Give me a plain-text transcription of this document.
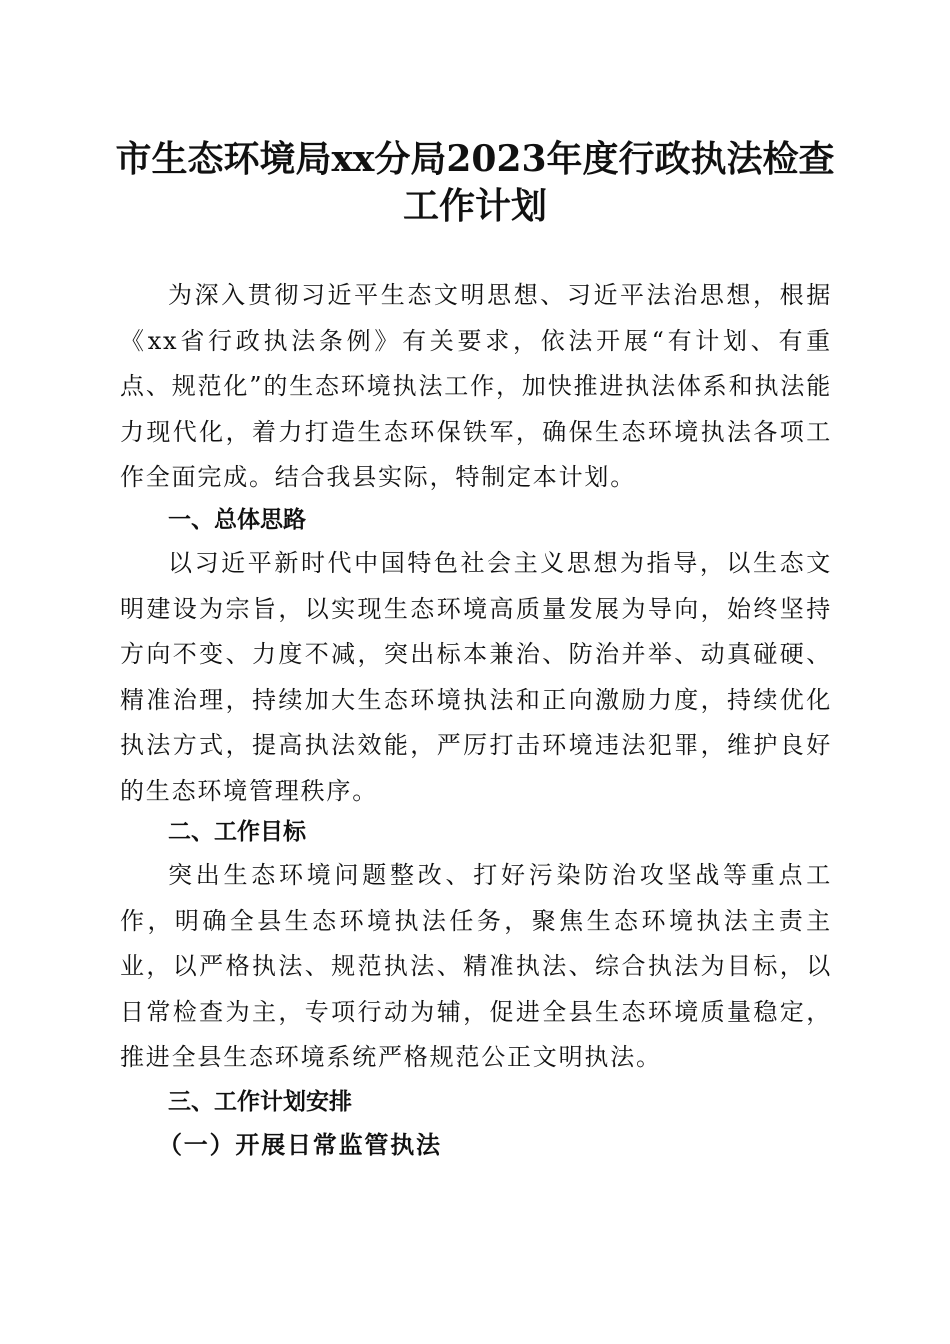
市生态环境局xx分局2023年度行政执法检查
工作计划

为深入贯彻习近平生态文明思想、习近平法治思想，根据《xx省行政执法条例》有关要求，依法开展“有计划、有重点、规范化”的生态环境执法工作，加快推进执法体系和执法能力现代化，着力打造生态环保铁军，确保生态环境执法各项工作全面完成。结合我县实际，特制定本计划。

一、总体思路

以习近平新时代中国特色社会主义思想为指导，以生态文明建设为宗旨，以实现生态环境高质量发展为导向，始终坚持方向不变、力度不减，突出标本兼治、防治并举、动真碰硬、精准治理，持续加大生态环境执法和正向激励力度，持续优化执法方式，提高执法效能，严厉打击环境违法犯罪，维护良好的生态环境管理秩序。

二、工作目标

突出生态环境问题整改、打好污染防治攻坚战等重点工作，明确全县生态环境执法任务，聚焦生态环境执法主责主业，以严格执法、规范执法、精准执法、综合执法为目标，以日常检查为主，专项行动为辅，促进全县生态环境质量稳定，推进全县生态环境系统严格规范公正文明执法。

三、工作计划安排
（一）开展日常监管执法
